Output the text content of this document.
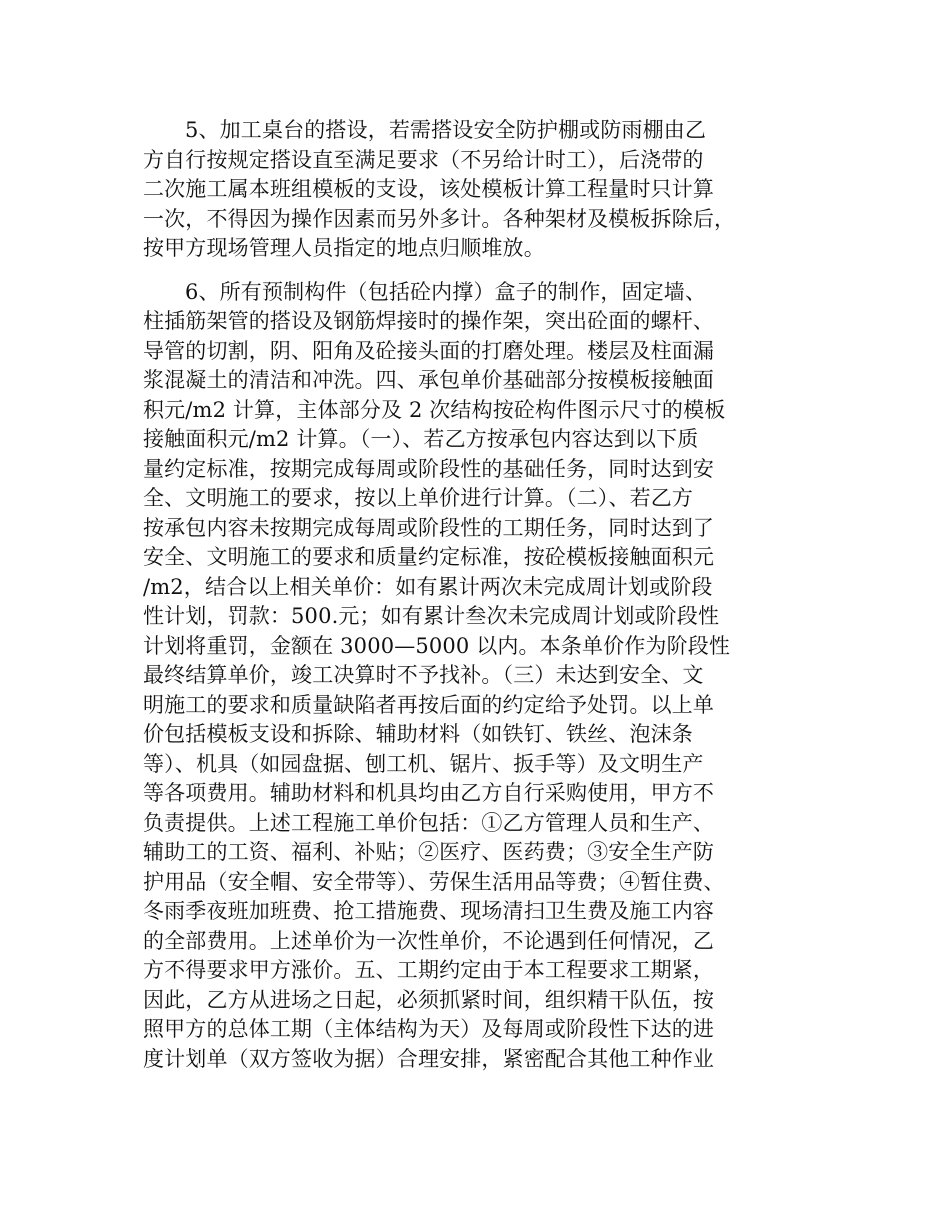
5、加工桌台的搭设，若需搭设安全防护棚或防雨棚由乙
方自行按规定搭设直至满足要求（不另给计时工），后浇带的
二次施工属本班组模板的支设，该处模板计算工程量时只计算
一次，不得因为操作因素而另外多计。各种架材及模板拆除后，
按甲方现场管理人员指定的地点归顺堆放。
6、所有预制构件（包括砼内撑）盒子的制作，固定墙、
柱插筋架管的搭设及钢筋焊接时的操作架，突出砼面的螺杆、
导管的切割，阴、阳角及砼接头面的打磨处理。楼层及柱面漏
浆混凝土的清洁和冲洗。四、承包单价基础部分按模板接触面
积元/m2 计算，主体部分及 2 次结构按砼构件图示尺寸的模板
接触面积元/m2 计算。（一）、若乙方按承包内容达到以下质
量约定标准，按期完成每周或阶段性的基础任务，同时达到安
全、文明施工的要求，按以上单价进行计算。（二）、若乙方
按承包内容未按期完成每周或阶段性的工期任务，同时达到了
安全、文明施工的要求和质量约定标准，按砼模板接触面积元
/m2，结合以上相关单价：如有累计两次未完成周计划或阶段
性计划，罚款：500.元；如有累计叁次未完成周计划或阶段性
计划将重罚，金额在 3000—5000 以内。本条单价作为阶段性
最终结算单价，竣工决算时不予找补。（三）未达到安全、文
明施工的要求和质量缺陷者再按后面的约定给予处罚。以上单
价包括模板支设和拆除、辅助材料（如铁钉、铁丝、泡沫条
等）、机具（如园盘据、刨工机、锯片、扳手等）及文明生产
等各项费用。辅助材料和机具均由乙方自行采购使用，甲方不
负责提供。上述工程施工单价包括：①乙方管理人员和生产、
辅助工的工资、福利、补贴；②医疗、医药费；③安全生产防
护用品（安全帽、安全带等）、劳保生活用品等费；④暂住费、
冬雨季夜班加班费、抢工措施费、现场清扫卫生费及施工内容
的全部费用。上述单价为一次性单价，不论遇到任何情况，乙
方不得要求甲方涨价。五、工期约定由于本工程要求工期紧，
因此，乙方从进场之日起，必须抓紧时间，组织精干队伍，按
照甲方的总体工期（主体结构为天）及每周或阶段性下达的进
度计划单（双方签收为据）合理安排，紧密配合其他工种作业
